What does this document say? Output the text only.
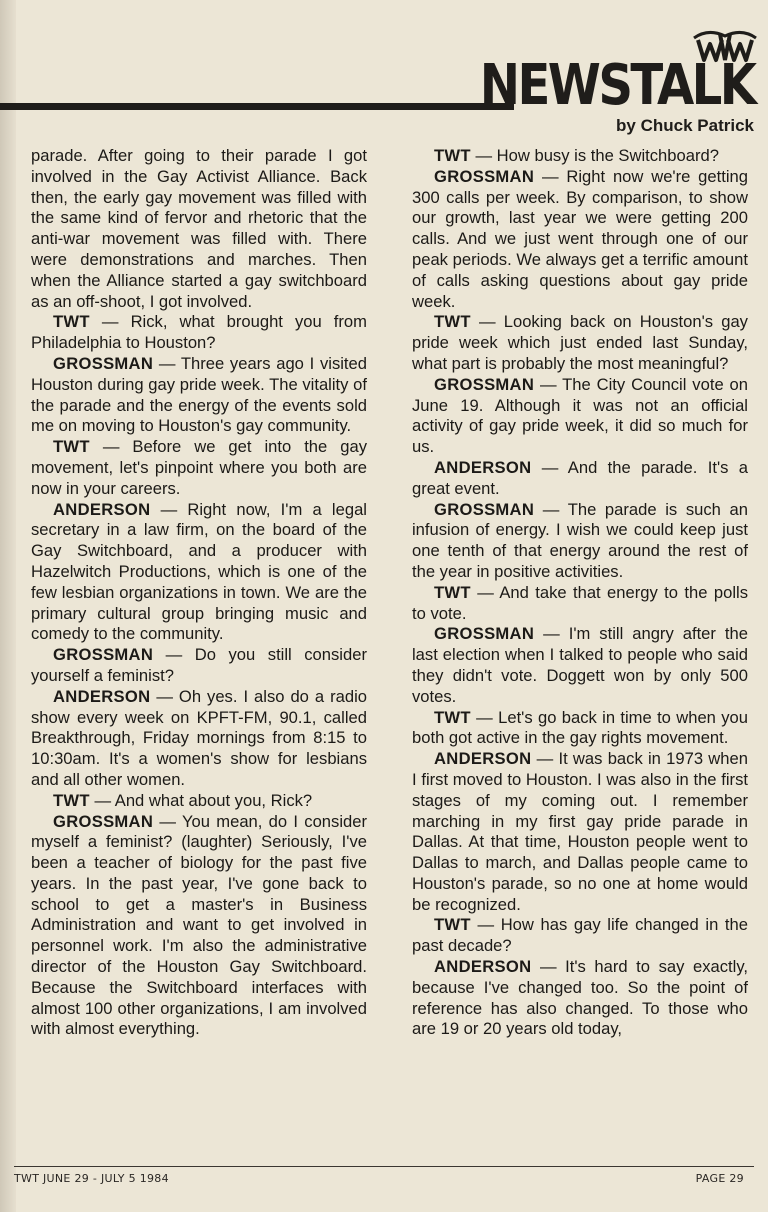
NEWSTALK
by Chuck Patrick

parade. After going to their parade I got involved in the Gay Activist Alliance. Back then, the early gay movement was filled with the same kind of fervor and rhetoric that the anti-war movement was filled with. There were demonstrations and marches. Then when the Alliance started a gay switchboard as an off-shoot, I got involved.

TWT — Rick, what brought you from Philadelphia to Houston?

GROSSMAN — Three years ago I visited Houston during gay pride week. The vitality of the parade and the energy of the events sold me on moving to Houston's gay community.

TWT — Before we get into the gay movement, let's pinpoint where you both are now in your careers.

ANDERSON — Right now, I'm a legal secretary in a law firm, on the board of the Gay Switchboard, and a producer with Hazelwitch Productions, which is one of the few lesbian organizations in town. We are the primary cultural group bringing music and comedy to the community.

GROSSMAN — Do you still consider yourself a feminist?

ANDERSON — Oh yes. I also do a radio show every week on KPFT-FM, 90.1, called Breakthrough, Friday mornings from 8:15 to 10:30am. It's a women's show for lesbians and all other women.

TWT — And what about you, Rick?

GROSSMAN — You mean, do I consider myself a feminist? (laughter) Seriously, I've been a teacher of biology for the past five years. In the past year, I've gone back to school to get a master's in Business Administration and want to get involved in personnel work. I'm also the administrative director of the Houston Gay Switchboard. Because the Switchboard interfaces with almost 100 other organizations, I am involved with almost everything.

TWT — How busy is the Switchboard?

GROSSMAN — Right now we're getting 300 calls per week. By comparison, to show our growth, last year we were getting 200 calls. And we just went through one of our peak periods. We always get a terrific amount of calls asking questions about gay pride week.

TWT — Looking back on Houston's gay pride week which just ended last Sunday, what part is probably the most meaningful?

GROSSMAN — The City Council vote on June 19. Although it was not an official activity of gay pride week, it did so much for us.

ANDERSON — And the parade. It's a great event.

GROSSMAN — The parade is such an infusion of energy. I wish we could keep just one tenth of that energy around the rest of the year in positive activities.

TWT — And take that energy to the polls to vote.

GROSSMAN — I'm still angry after the last election when I talked to people who said they didn't vote. Doggett won by only 500 votes.

TWT — Let's go back in time to when you both got active in the gay rights movement.

ANDERSON — It was back in 1973 when I first moved to Houston. I was also in the first stages of my coming out. I remember marching in my first gay pride parade in Dallas. At that time, Houston people went to Dallas to march, and Dallas people came to Houston's parade, so no one at home would be recognized.

TWT — How has gay life changed in the past decade?

ANDERSON — It's hard to say exactly, because I've changed too. So the point of reference has also changed. To those who are 19 or 20 years old today,

TWT JUNE 29 - JULY 5 1984	PAGE 29
